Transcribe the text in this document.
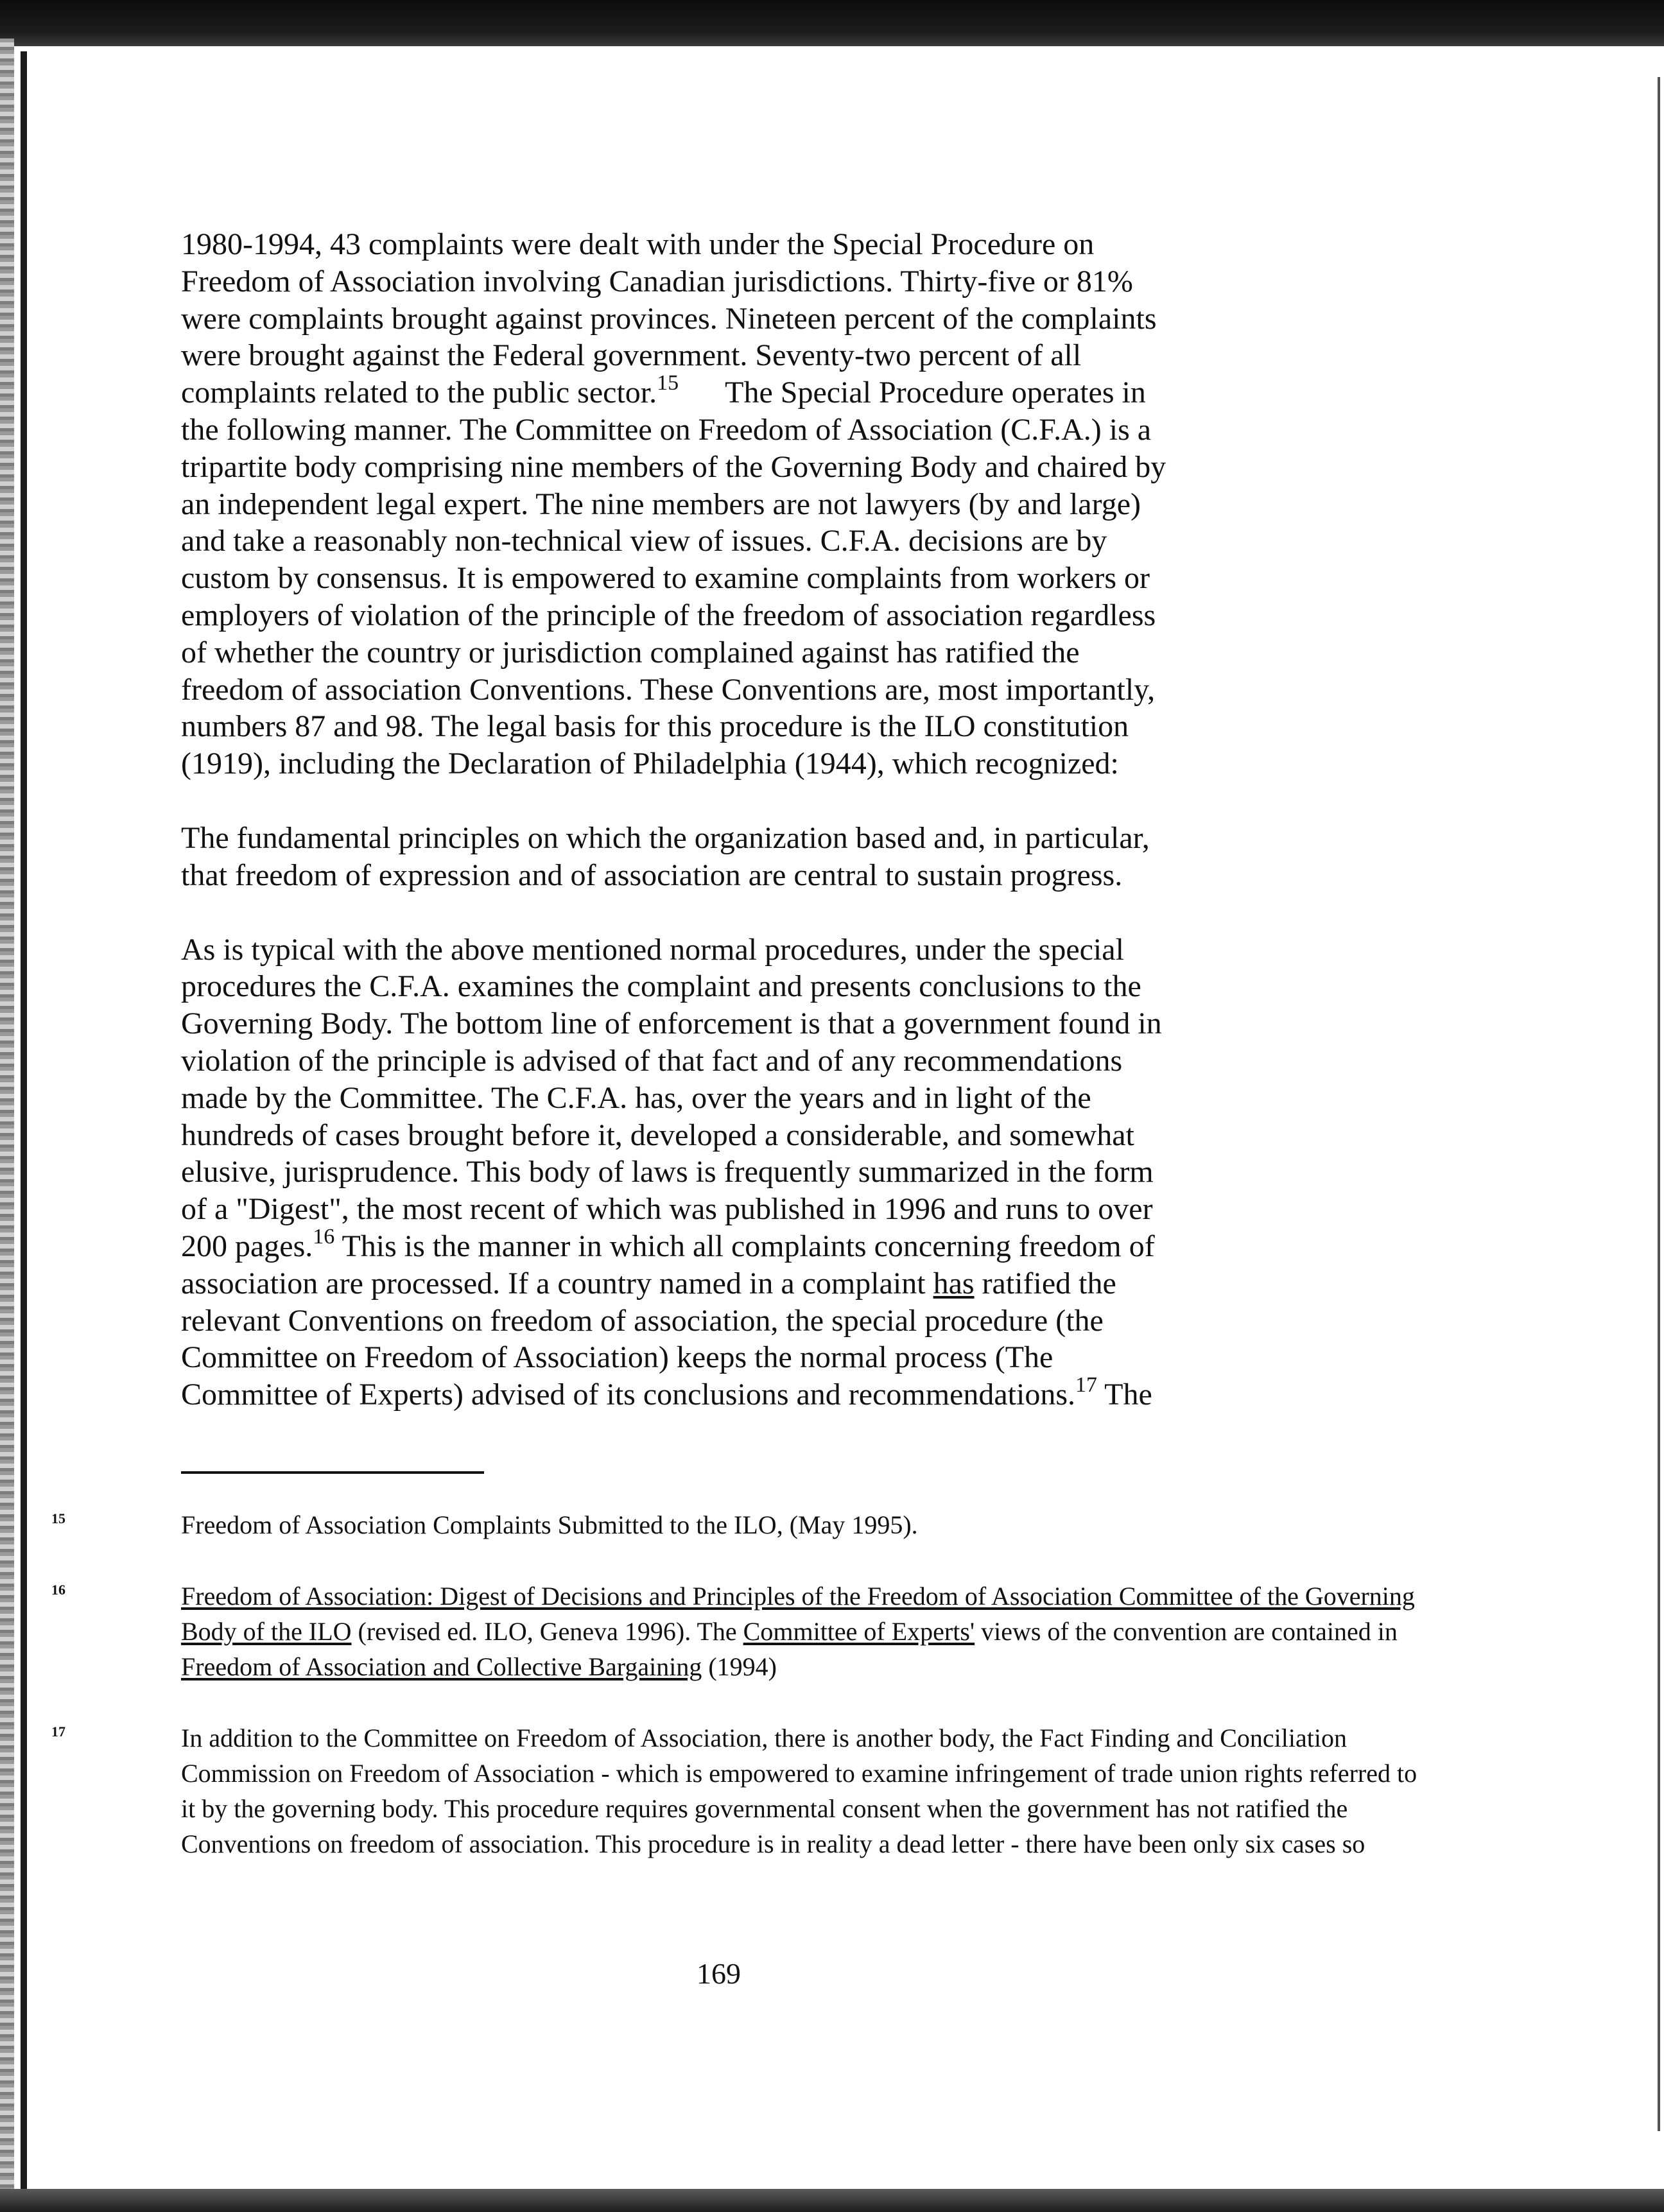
1980-1994, 43 complaints were dealt with under the Special Procedure on
Freedom of Association involving Canadian jurisdictions. Thirty-five or 81%
were complaints brought against provinces. Nineteen percent of the complaints
were brought against the Federal government. Seventy-two percent of all
complaints related to the public sector.$^{15}$ The Special Procedure operates in
the following manner. The Committee on Freedom of Association (C.F.A.) is a
tripartite body comprising nine members of the Governing Body and chaired by
an independent legal expert. The nine members are not lawyers (by and large)
and take a reasonably non-technical view of issues. C.F.A. decisions are by
custom by consensus. It is empowered to examine complaints from workers or
employers of violation of the principle of the freedom of association regardless
of whether the country or jurisdiction complained against has ratified the
freedom of association Conventions. These Conventions are, most importantly,
numbers 87 and 98. The legal basis for this procedure is the ILO constitution
(1919), including the Declaration of Philadelphia (1944), which recognized:

The fundamental principles on which the organization based and, in particular,
that freedom of expression and of association are central to sustain progress.

As is typical with the above mentioned normal procedures, under the special
procedures the C.F.A. examines the complaint and presents conclusions to the
Governing Body. The bottom line of enforcement is that a government found in
violation of the principle is advised of that fact and of any recommendations
made by the Committee. The C.F.A. has, over the years and in light of the
hundreds of cases brought before it, developed a considerable, and somewhat
elusive, jurisprudence. This body of laws is frequently summarized in the form
of a "Digest", the most recent of which was published in 1996 and runs to over
200 pages.$^{16}$ This is the manner in which all complaints concerning freedom of
association are processed. If a country named in a complaint has ratified the
relevant Conventions on freedom of association, the special procedure (the
Committee on Freedom of Association) keeps the normal process (The
Committee of Experts) advised of its conclusions and recommendations.$^{17}$ The

15	Freedom of Association Complaints Submitted to the ILO, (May 1995).
16	Freedom of Association: Digest of Decisions and Principles of the Freedom of Association Committee of the Governing Body of the ILO (revised ed. ILO, Geneva 1996). The Committee of Experts' views of the convention are contained in Freedom of Association and Collective Bargaining (1994)
17	In addition to the Committee on Freedom of Association, there is another body, the Fact Finding and Conciliation Commission on Freedom of Association - which is empowered to examine infringement of trade union rights referred to it by the governing body. This procedure requires governmental consent when the government has not ratified the Conventions on freedom of association. This procedure is in reality a dead letter - there have been only six cases so
169
